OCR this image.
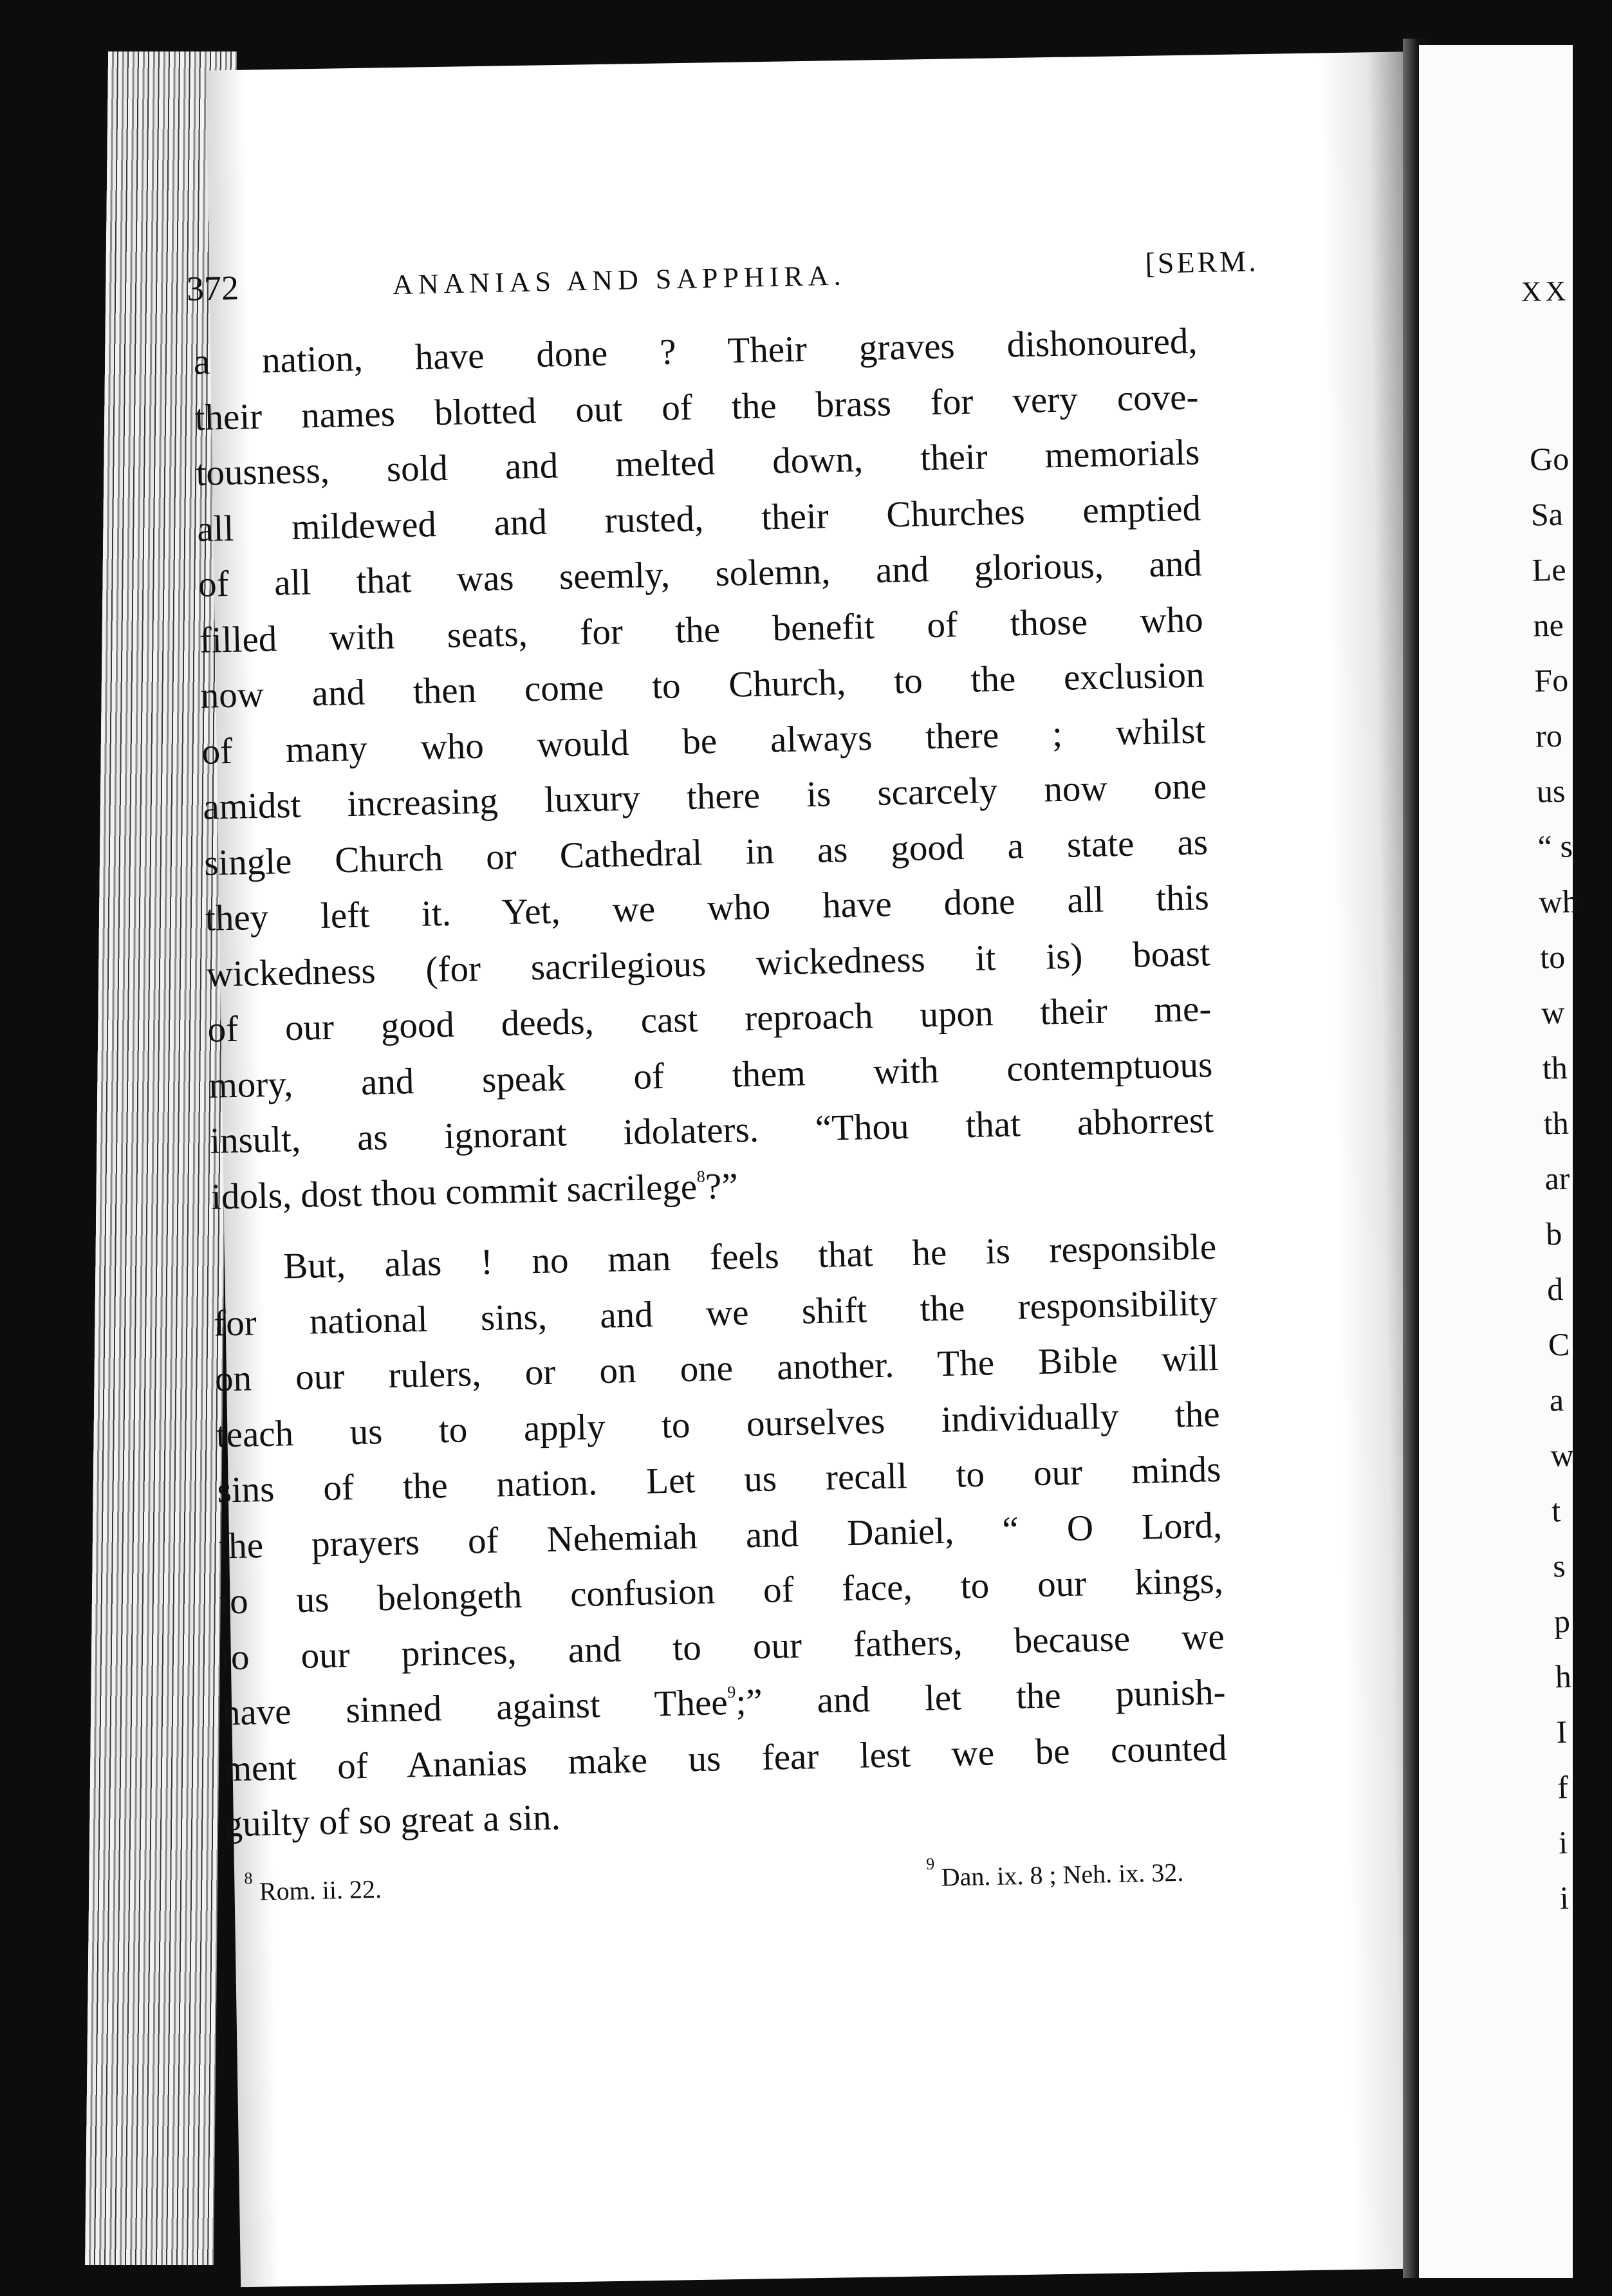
372	ANANIAS AND SAPPHIRA.	[SERM.
a nation, have done ? Their graves dishonoured,
their names blotted out of the brass for very cove-
tousness, sold and melted down, their memorials
all mildewed and rusted, their Churches emptied
of all that was seemly, solemn, and glorious, and
filled with seats, for the benefit of those who
now and then come to Church, to the exclusion
of many who would be always there ; whilst
amidst increasing luxury there is scarcely now one
single Church or Cathedral in as good a state as
they left it. Yet, we who have done all this
wickedness (for sacrilegious wickedness it is) boast
of our good deeds, cast reproach upon their me-
mory, and speak of them with contemptuous
insult, as ignorant idolaters. “Thou that abhorrest
idols, dost thou commit sacrilege$^8$?”
But, alas ! no man feels that he is responsible
for national sins, and we shift the responsibility
on our rulers, or on one another. The Bible will
teach us to apply to ourselves individually the
sins of the nation. Let us recall to our minds
the prayers of Nehemiah and Daniel, “ O Lord,
to us belongeth confusion of face, to our kings,
to our princes, and to our fathers, because we
have sinned against Thee$^9$;” and let the punish-
ment of Ananias make us fear lest we be counted
guilty of so great a sin.
$^8$ Rom. ii. 22.
$^9$ Dan. ix. 8 ; Neh. ix. 32.
XX
Go
Sa
Le
ne
Fo
ro
us
“ s
wh
to
w
th
th
ar
b
d
C
a
w
t
s
p
h
I
f
i
i
